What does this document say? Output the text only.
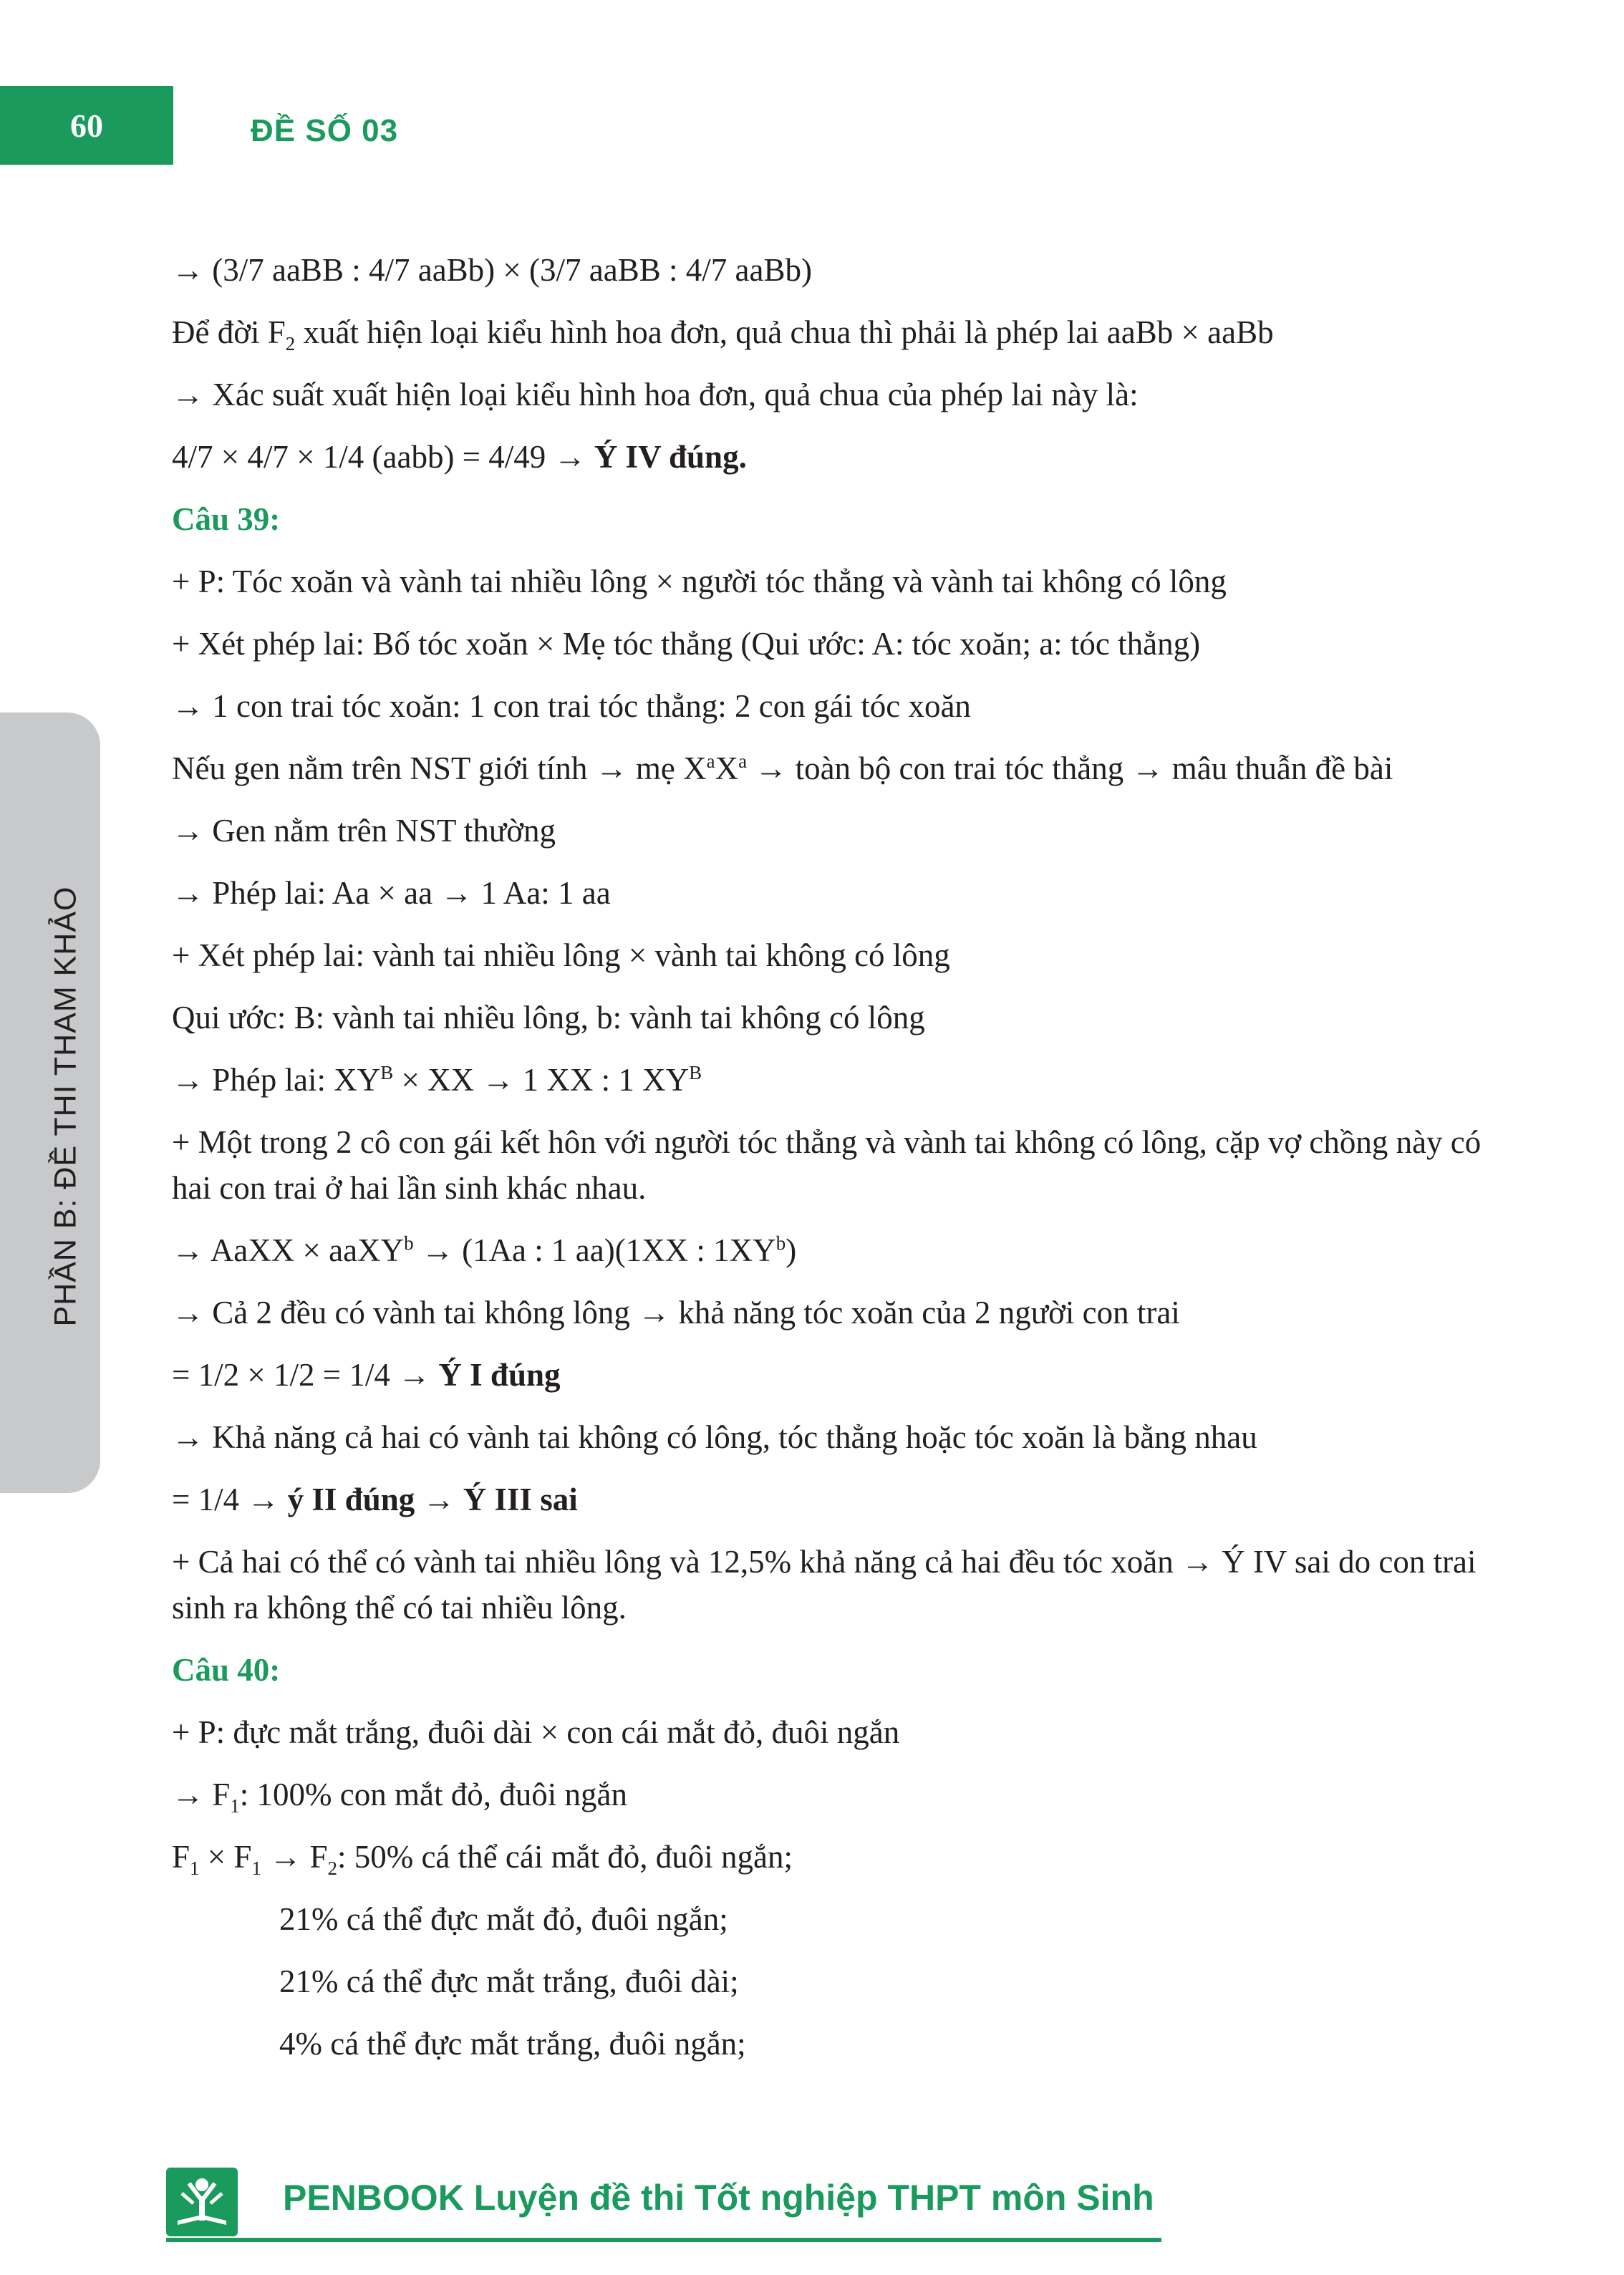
60	ĐỀ SỐ 03
PHẦN B: ĐỀ THI THAM KHẢO

→ (3/7 aaBB : 4/7 aaBb) × (3/7 aaBB : 4/7 aaBb)

Để đời $F_2$ xuất hiện loại kiểu hình hoa đơn, quả chua thì phải là phép lai aaBb × aaBb

→ Xác suất xuất hiện loại kiểu hình hoa đơn, quả chua của phép lai này là:

4/7 × 4/7 × 1/4 (aabb) = 4/49 → Ý IV đúng.

Câu 39:

+ P: Tóc xoăn và vành tai nhiều lông × người tóc thẳng và vành tai không có lông

+ Xét phép lai: Bố tóc xoăn × Mẹ tóc thẳng (Qui ước: A: tóc xoăn; a: tóc thẳng)

→ 1 con trai tóc xoăn: 1 con trai tóc thẳng: 2 con gái tóc xoăn

Nếu gen nằm trên NST giới tính → mẹ $X^aX^a$ → toàn bộ con trai tóc thẳng → mâu thuẫn đề bài

→ Gen nằm trên NST thường

→ Phép lai: Aa × aa → 1 Aa: 1 aa

+ Xét phép lai: vành tai nhiều lông × vành tai không có lông

Qui ước: B: vành tai nhiều lông, b: vành tai không có lông

→ Phép lai: $XY^B$ × XX → 1 XX : 1 $XY^B$

+ Một trong 2 cô con gái kết hôn với người tóc thẳng và vành tai không có lông, cặp vợ chồng này có hai con trai ở hai lần sinh khác nhau.

→ AaXX × aaXY$^b$ → (1Aa : 1 aa)(1XX : $1XY^b$)

→ Cả 2 đều có vành tai không lông → khả năng tóc xoăn của 2 người con trai

= 1/2 × 1/2 = 1/4 → Ý I đúng

→ Khả năng cả hai có vành tai không có lông, tóc thẳng hoặc tóc xoăn là bằng nhau

= 1/4 → ý II đúng → Ý III sai

+ Cả hai có thể có vành tai nhiều lông và 12,5% khả năng cả hai đều tóc xoăn → Ý IV sai do con trai sinh ra không thể có tai nhiều lông.

Câu 40:

+ P: đực mắt trắng, đuôi dài × con cái mắt đỏ, đuôi ngắn

→ $F_1$: 100% con mắt đỏ, đuôi ngắn

$F_1 \times F_1 \to F_2$: 50% cá thể cái mắt đỏ, đuôi ngắn;

21% cá thể đực mắt đỏ, đuôi ngắn;

21% cá thể đực mắt trắng, đuôi dài;

4% cá thể đực mắt trắng, đuôi ngắn;

PENBOOK Luyện đề thi Tốt nghiệp THPT môn Sinh
